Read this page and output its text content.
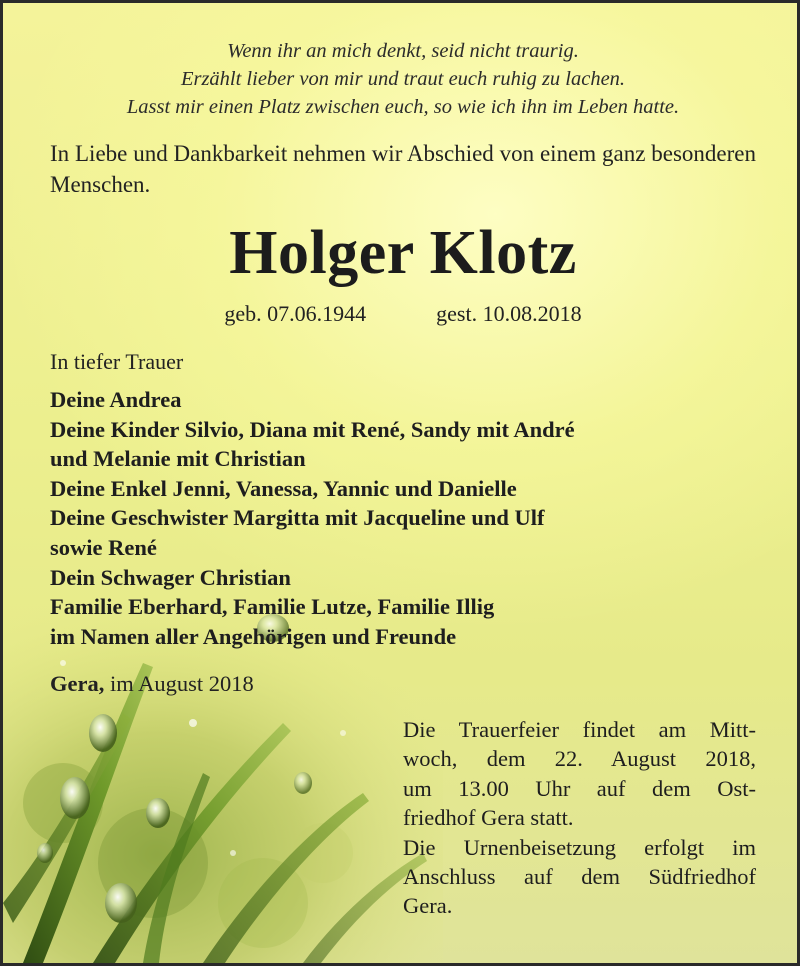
Wenn ihr an mich denkt, seid nicht traurig.
Erzählt lieber von mir und traut euch ruhig zu lachen.
Lasst mir einen Platz zwischen euch, so wie ich ihn im Leben hatte.
In Liebe und Dankbarkeit nehmen wir Abschied von einem ganz besonderen Menschen.
Holger Klotz
geb. 07.06.1944	gest. 10.08.2018
In tiefer Trauer
Deine Andrea
Deine Kinder Silvio, Diana mit René, Sandy mit André
und Melanie mit Christian
Deine Enkel Jenni, Vanessa, Yannic und Danielle
Deine Geschwister Margitta mit Jacqueline und Ulf
sowie René
Dein Schwager Christian
Familie Eberhard, Familie Lutze, Familie Illig
im Namen aller Angehörigen und Freunde
Gera, im August 2018
Die Trauerfeier findet am Mitt-
woch, dem 22. August 2018,
um 13.00 Uhr auf dem Ost-
friedhof Gera statt.
Die Urnenbeisetzung erfolgt im
Anschluss auf dem Südfriedhof
Gera.
